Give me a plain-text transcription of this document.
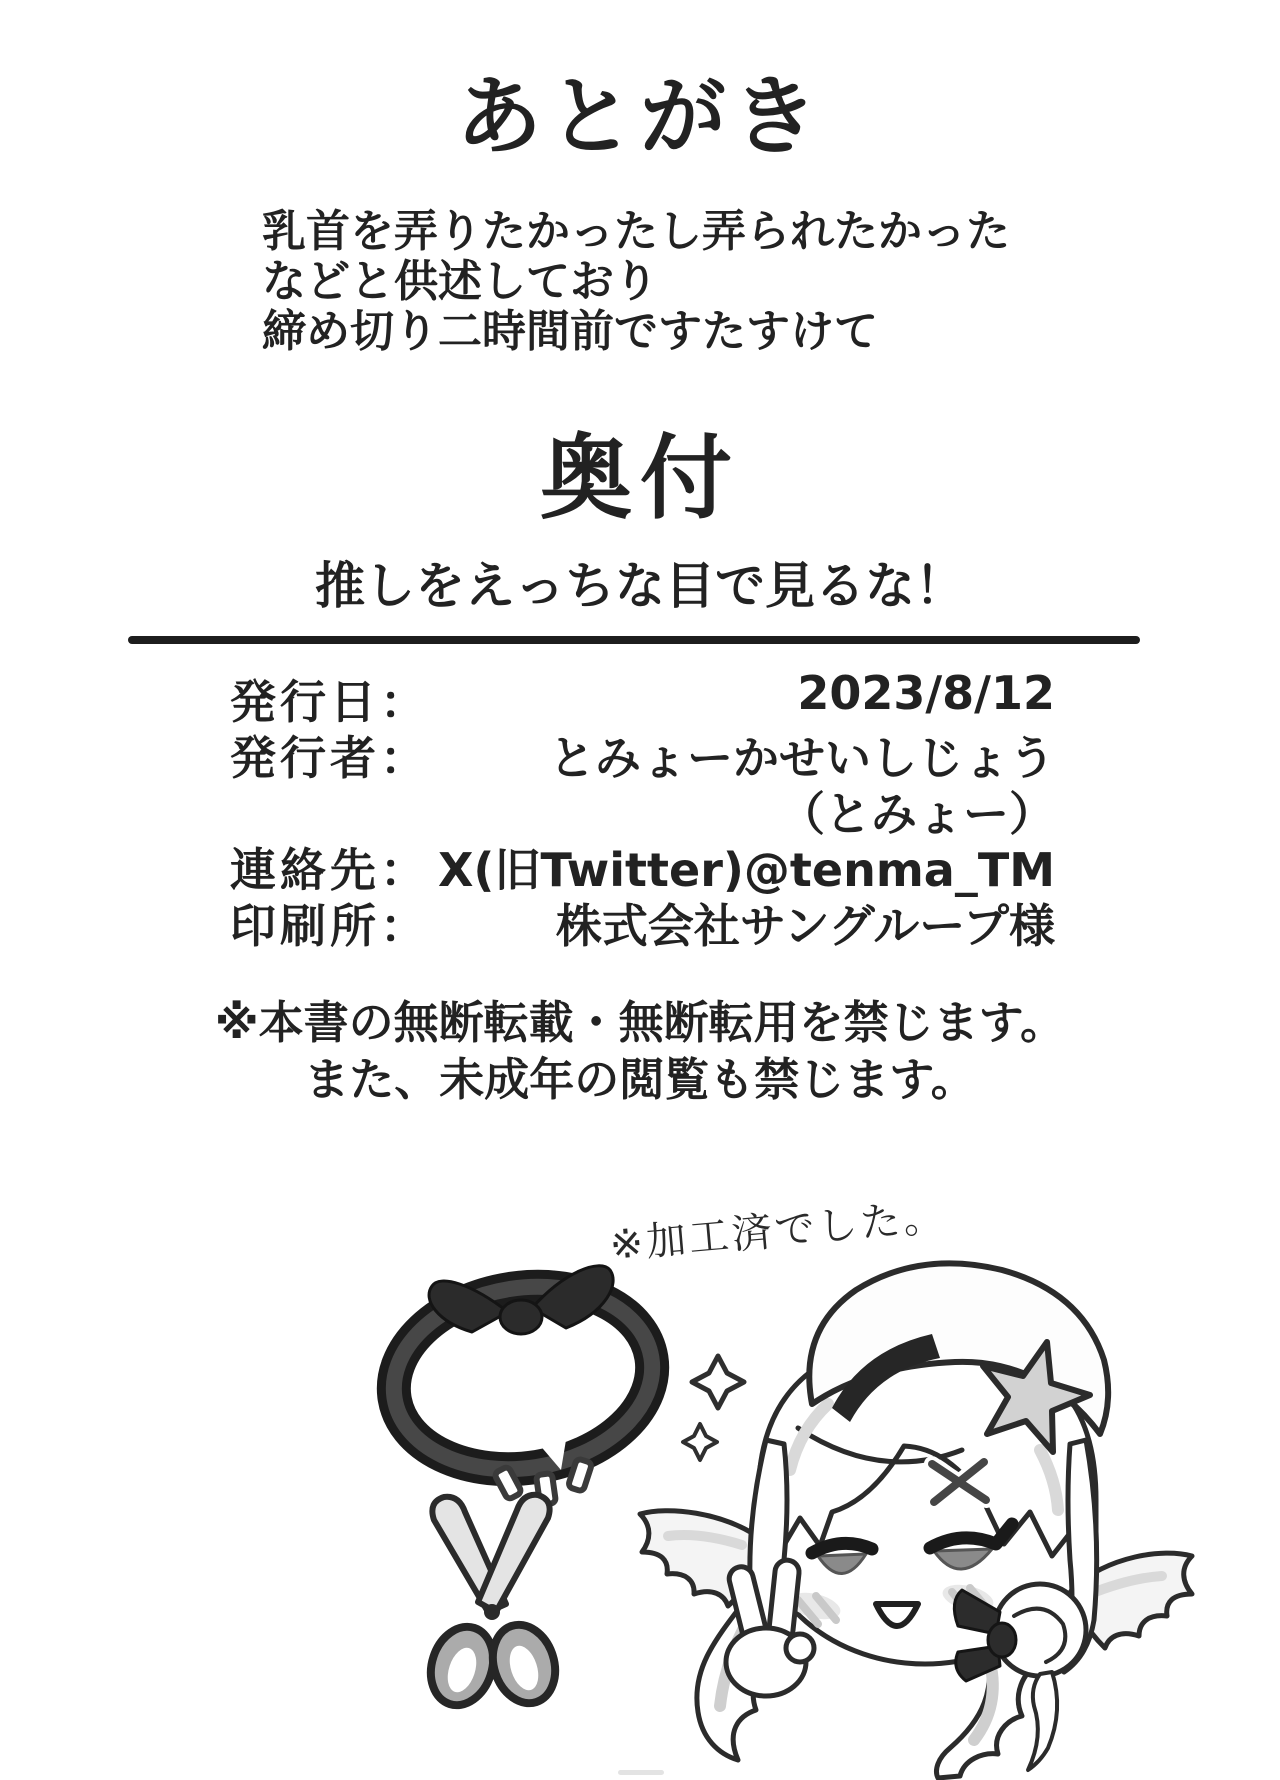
あとがき
乳首を弄りたかったし弄られたかった
などと供述しており
締め切り二時間前ですたすけて
奥付
推しをえっちな目で見るな！
発行日：	2023/8/12
発行者：	とみょーかせいしじょう
（とみょー）
連絡先： X(旧Twitter)@tenma_TM
印刷所：	株式会社サングループ様
※本書の無断転載・無断転用を禁じます。
また、未成年の閲覧も禁じます。
※加工済でした。
